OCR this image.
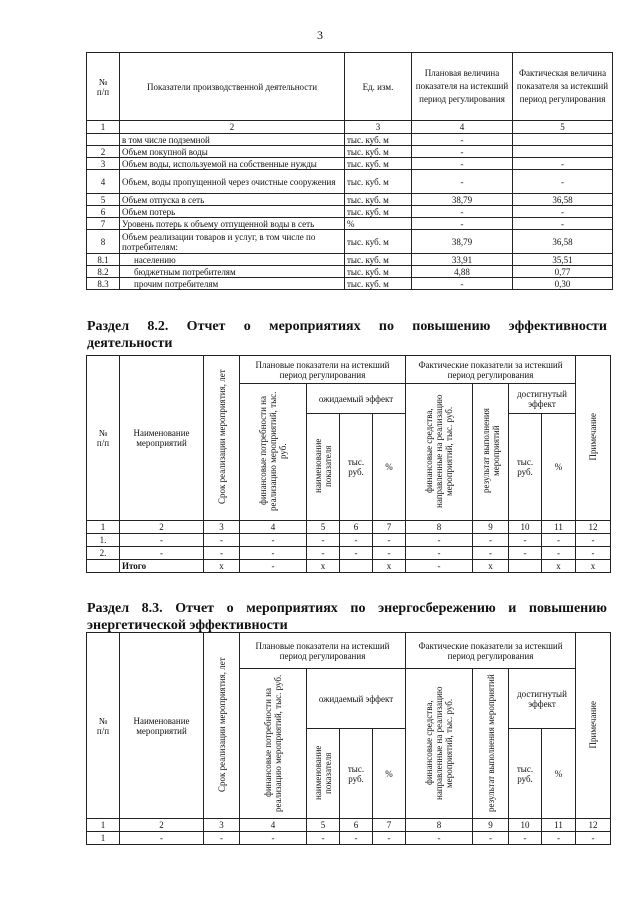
3
№
п/п	Показатели производственной деятельности	Ед. изм.	Плановая величина показателя на истекший период регулирования	Фактическая величина показателя за истекший период регулирования
1	2	3	4	5
	в том числе подземной	тыс. куб. м	-	
2	Объем покупной воды	тыс. куб. м	-	
3	Объем воды, используемой на собственные нужды	тыс. куб. м	-	-
4	Объем, воды пропущенной через очистные сооружения	тыс. куб. м	-	-
5	Объем отпуска в сеть	тыс. куб. м	38,79	36,58
6	Объем потерь	тыс. куб. м	-	-
7	Уровень потерь к объему отпущенной воды в сеть	%	-	-
8	Объем реализации товаров и услуг, в том числе по потребителям:	тыс. куб. м	38,79	36,58
8.1	населению	тыс. куб. м	33,91	35,51
8.2	бюджетным потребителям	тыс. куб. м	4,88	0,77
8.3	прочим потребителям	тыс. куб. м	-	0,30
Раздел 8.2. Отчет о мероприятиях по повышению эффективности
деятельности
№
п/п	Наименование мероприятий	Срок реализации мероприятия, лет	Плановые показатели на истекший период регулирования				Фактические показатели за истекший период регулирования				Примечание
			финансовые потребности на реализацию мероприятий, тыс. руб.	ожидаемый эффект			финансовые средства, направленные на реализацию мероприятий, тыс. руб.	результат выполнения мероприятий	достигнутый эффект		
				наименование показателя	тыс. руб.	%			тыс. руб.	%	
1	2	3	4	5	6	7	8	9	10	11	12
1.	-	-	-	-	-	-	-	-	-	-	-
2.	-	-	-	-	-	-	-	-	-	-	-
	Итого	x	-	x		x	-	x		x	x
Раздел 8.3. Отчет о мероприятиях по энергосбережению и повышению
энергетической эффективности
№
п/п	Наименование мероприятий	Срок реализации мероприятия, лет	Плановые показатели на истекший период регулирования				Фактические показатели за истекший период регулирования				Примечание
			финансовые потребности на реализацию мероприятий, тыс. руб.	ожидаемый эффект			финансовые средства, направленные на реализацию мероприятий, тыс. руб.	результат выполнения мероприятий	достигнутый эффект		
				наименование показателя	тыс. руб.	%			тыс. руб.	%	
1	2	3	4	5	6	7	8	9	10	11	12
1	-	-	-	-	-	-	-	-	-	-	-
